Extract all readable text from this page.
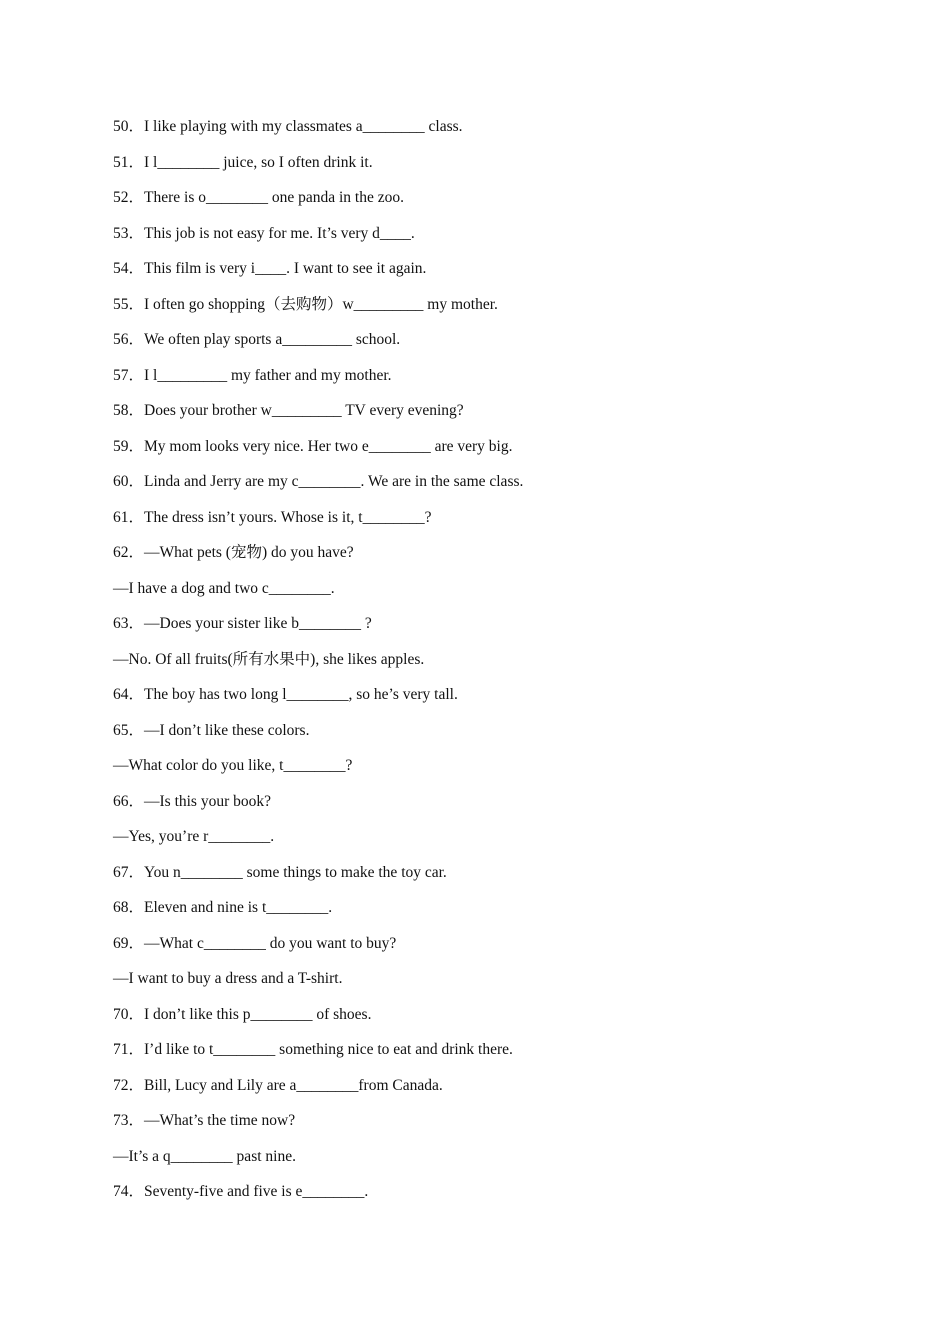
50．I like playing with my classmates a________ class.
51．I l________ juice, so I often drink it.
52．There is o________ one panda in the zoo.
53．This job is not easy for me. It’s very d____.
54．This film is very i____. I want to see it again.
55．I often go shopping（去购物）w_________ my mother.
56．We often play sports a_________ school.
57．I l_________ my father and my mother.
58．Does your brother w_________ TV every evening?
59．My mom looks very nice. Her two e________ are very big.
60．Linda and Jerry are my c________. We are in the same class.
61．The dress isn’t yours. Whose is it, t________?
62．—What pets (宠物) do you have?
—I have a dog and two c________.
63．—Does your sister like b________ ?
—No. Of all fruits(所有水果中), she likes apples.
64．The boy has two long l________, so he’s very tall.
65．—I don’t like these colors.
—What color do you like, t________?
66．—Is this your book?
—Yes, you’re r________.
67．You n________ some things to make the toy car.
68．Eleven and nine is t________.
69．—What c________ do you want to buy?
—I want to buy a dress and a T-shirt.
70．I don’t like this p________ of shoes.
71．I’d like to t________ something nice to eat and drink there.
72．Bill, Lucy and Lily are a________from Canada.
73．—What’s the time now?
—It’s a q________ past nine.
74．Seventy-five and five is e________.
